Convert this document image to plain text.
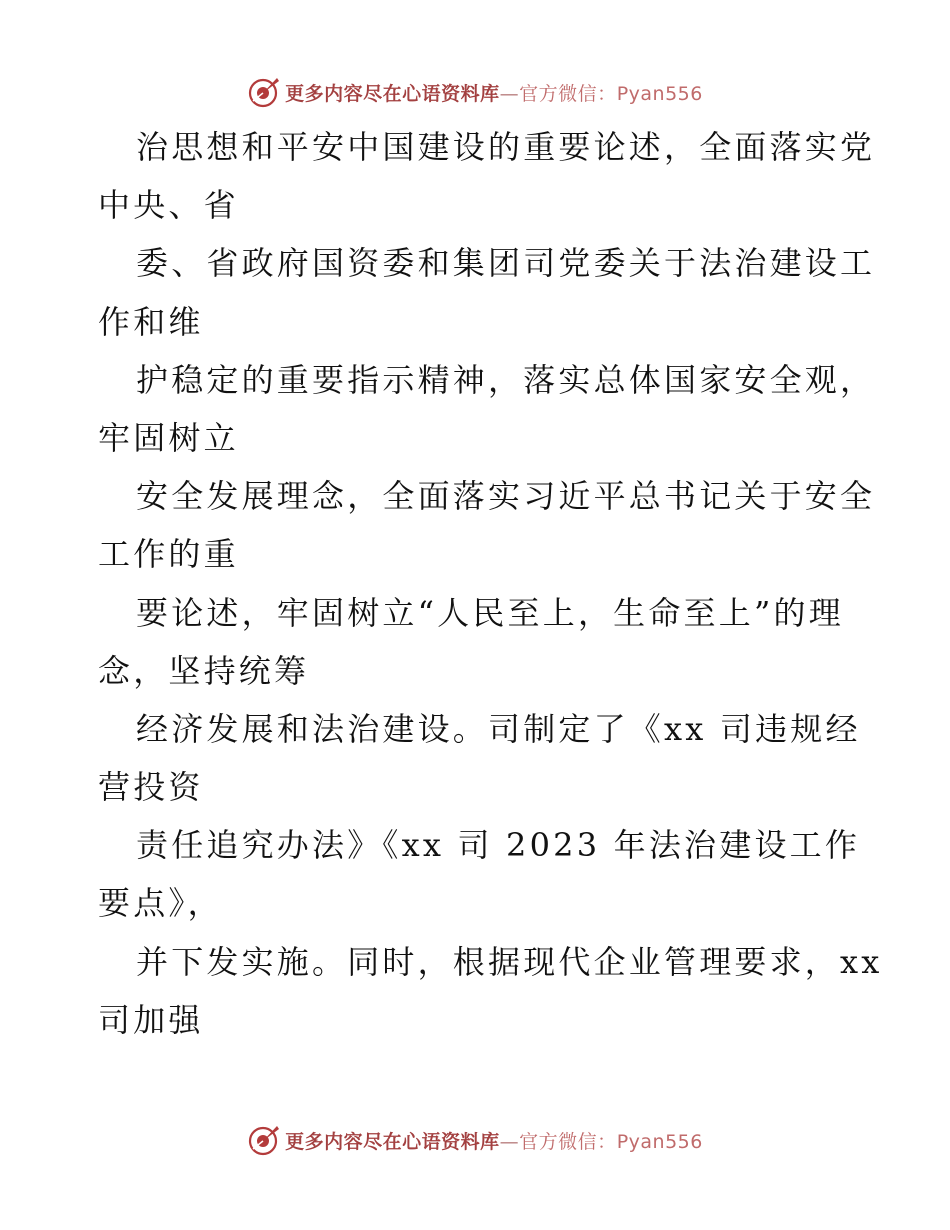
更多内容尽在心语资料库—官方微信：Pyan556
治思想和平安中国建设的重要论述，全面落实党
中央、省
委、省政府国资委和集团司党委关于法治建设工
作和维
护稳定的重要指示精神，落实总体国家安全观，
牢固树立
安全发展理念，全面落实习近平总书记关于安全
工作的重
要论述，牢固树立“人民至上，生命至上”的理
念，坚持统筹
经济发展和法治建设。司制定了《xx 司违规经
营投资
责任追究办法》《xx 司 2023 年法治建设工作
要点》，
并下发实施。同时，根据现代企业管理要求，xx
司加强
更多内容尽在心语资料库—官方微信：Pyan556
